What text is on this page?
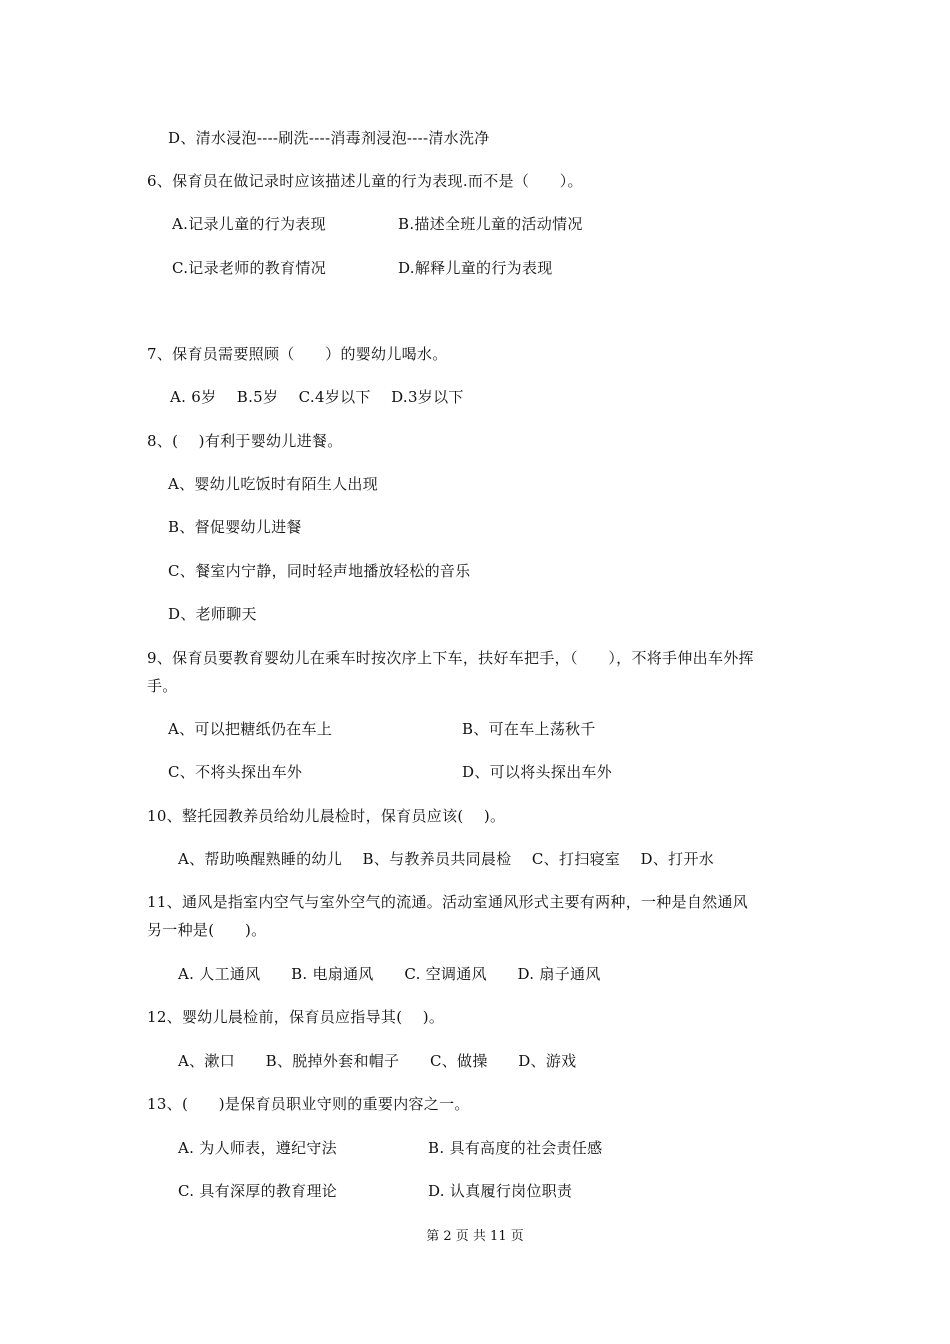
D、清水浸泡----刷洗----消毒剂浸泡----清水洗净
6、保育员在做记录时应该描述儿童的行为表现.而不是（　　）。
A.记录儿童的行为表现	B.描述全班儿童的活动情况
C.记录老师的教育情况	D.解释儿童的行为表现
7、保育员需要照顾（　　）的婴幼儿喝水。
A. 6岁　 B.5岁　 C.4岁以下　 D.3岁以下
8、(　 )有利于婴幼儿进餐。
A、婴幼儿吃饭时有陌生人出现
B、督促婴幼儿进餐
C、餐室内宁静，同时轻声地播放轻松的音乐
D、老师聊天
9、保育员要教育婴幼儿在乘车时按次序上下车，扶好车把手，（　　），不将手伸出车外挥
手。
A、可以把糖纸仍在车上	B、可在车上荡秋千
C、不将头探出车外	D、可以将头探出车外
10、整托园教养员给幼儿晨检时，保育员应该(　 )。
A、帮助唤醒熟睡的幼儿　 B、与教养员共同晨检　 C、打扫寝室　 D、打开水
11、通风是指室内空气与室外空气的流通。活动室通风形式主要有两种，一种是自然通风
另一种是(　　)。
A. 人工通风　　B. 电扇通风　　C. 空调通风　　D. 扇子通风
12、婴幼儿晨检前，保育员应指导其(　 )。
A、漱口　　B、脱掉外套和帽子　　C、做操　　D、游戏
13、(　　)是保育员职业守则的重要内容之一。
A. 为人师表，遵纪守法	B. 具有高度的社会责任感
C. 具有深厚的教育理论	D. 认真履行岗位职责
第 2 页 共 11 页
